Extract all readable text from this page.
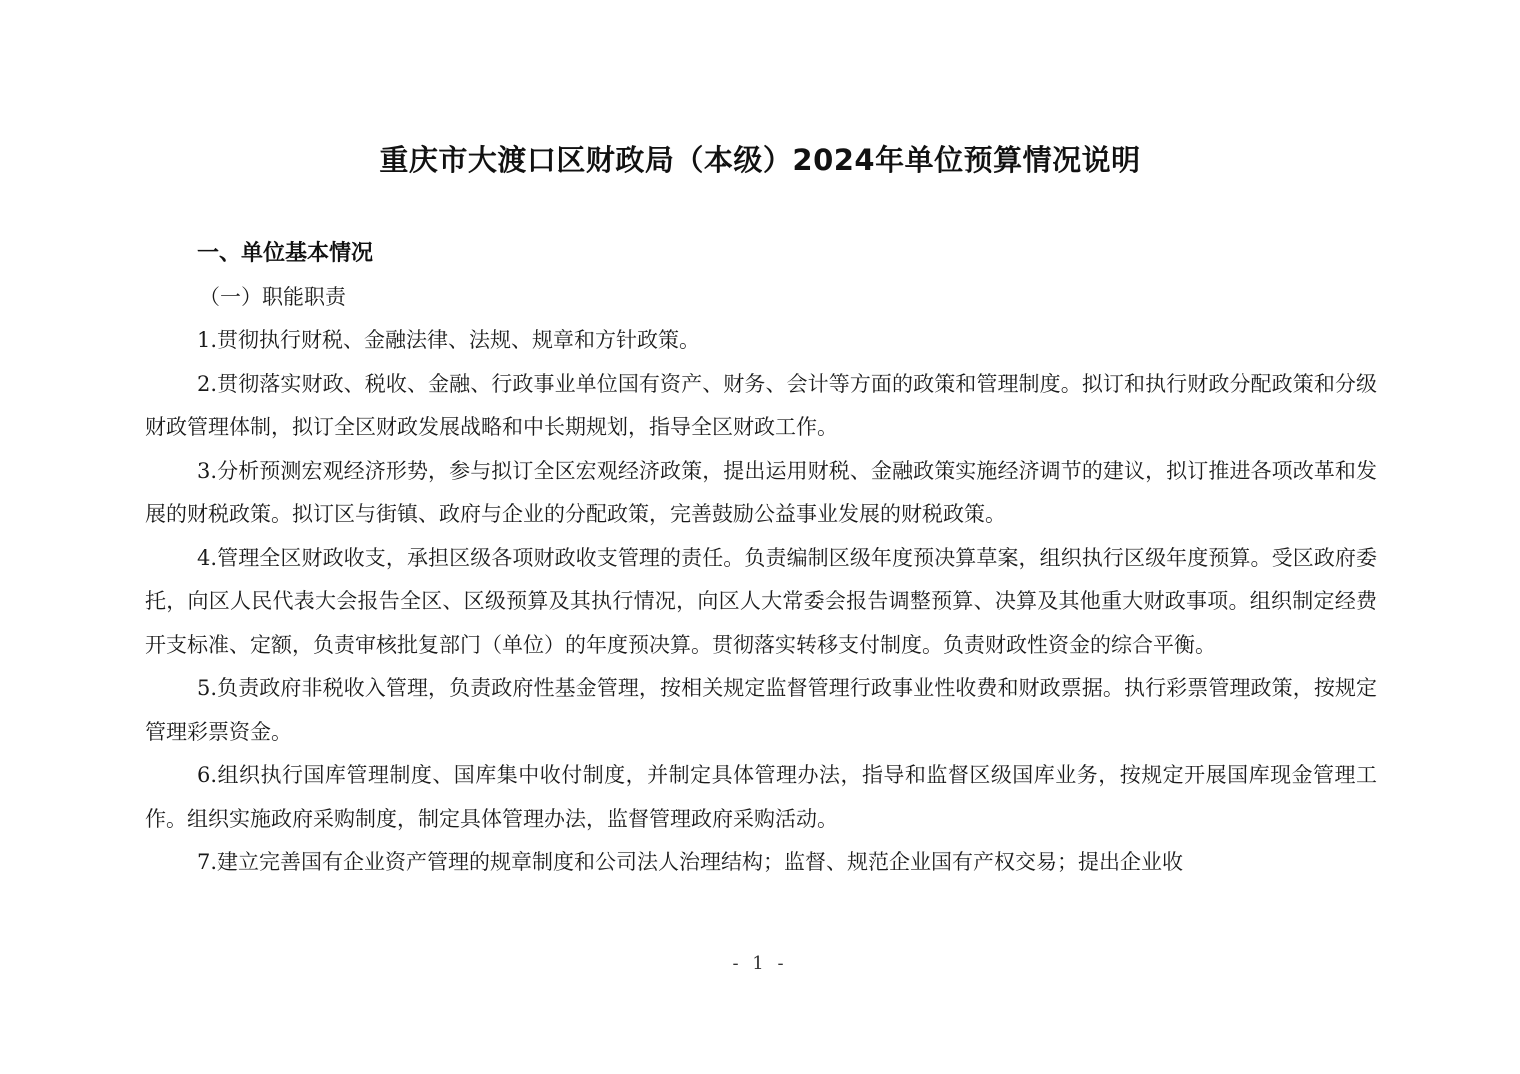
重庆市大渡口区财政局（本级）2024年单位预算情况说明
一、单位基本情况
（一）职能职责

1.贯彻执行财税、金融法律、法规、规章和方针政策。

2.贯彻落实财政、税收、金融、行政事业单位国有资产、财务、会计等方面的政策和管理制度。拟订和执行财政分配政策和分级财政管理体制，拟订全区财政发展战略和中长期规划，指导全区财政工作。

3.分析预测宏观经济形势，参与拟订全区宏观经济政策，提出运用财税、金融政策实施经济调节的建议，拟订推进各项改革和发展的财税政策。拟订区与街镇、政府与企业的分配政策，完善鼓励公益事业发展的财税政策。

4.管理全区财政收支，承担区级各项财政收支管理的责任。负责编制区级年度预决算草案，组织执行区级年度预算。受区政府委托，向区人民代表大会报告全区、区级预算及其执行情况，向区人大常委会报告调整预算、决算及其他重大财政事项。组织制定经费开支标准、定额，负责审核批复部门（单位）的年度预决算。贯彻落实转移支付制度。负责财政性资金的综合平衡。

5.负责政府非税收入管理，负责政府性基金管理，按相关规定监督管理行政事业性收费和财政票据。执行彩票管理政策，按规定管理彩票资金。

6.组织执行国库管理制度、国库集中收付制度，并制定具体管理办法，指导和监督区级国库业务，按规定开展国库现金管理工作。组织实施政府采购制度，制定具体管理办法，监督管理政府采购活动。

7.建立完善国有企业资产管理的规章制度和公司法人治理结构；监督、规范企业国有产权交易；提出企业收

- 1 -
